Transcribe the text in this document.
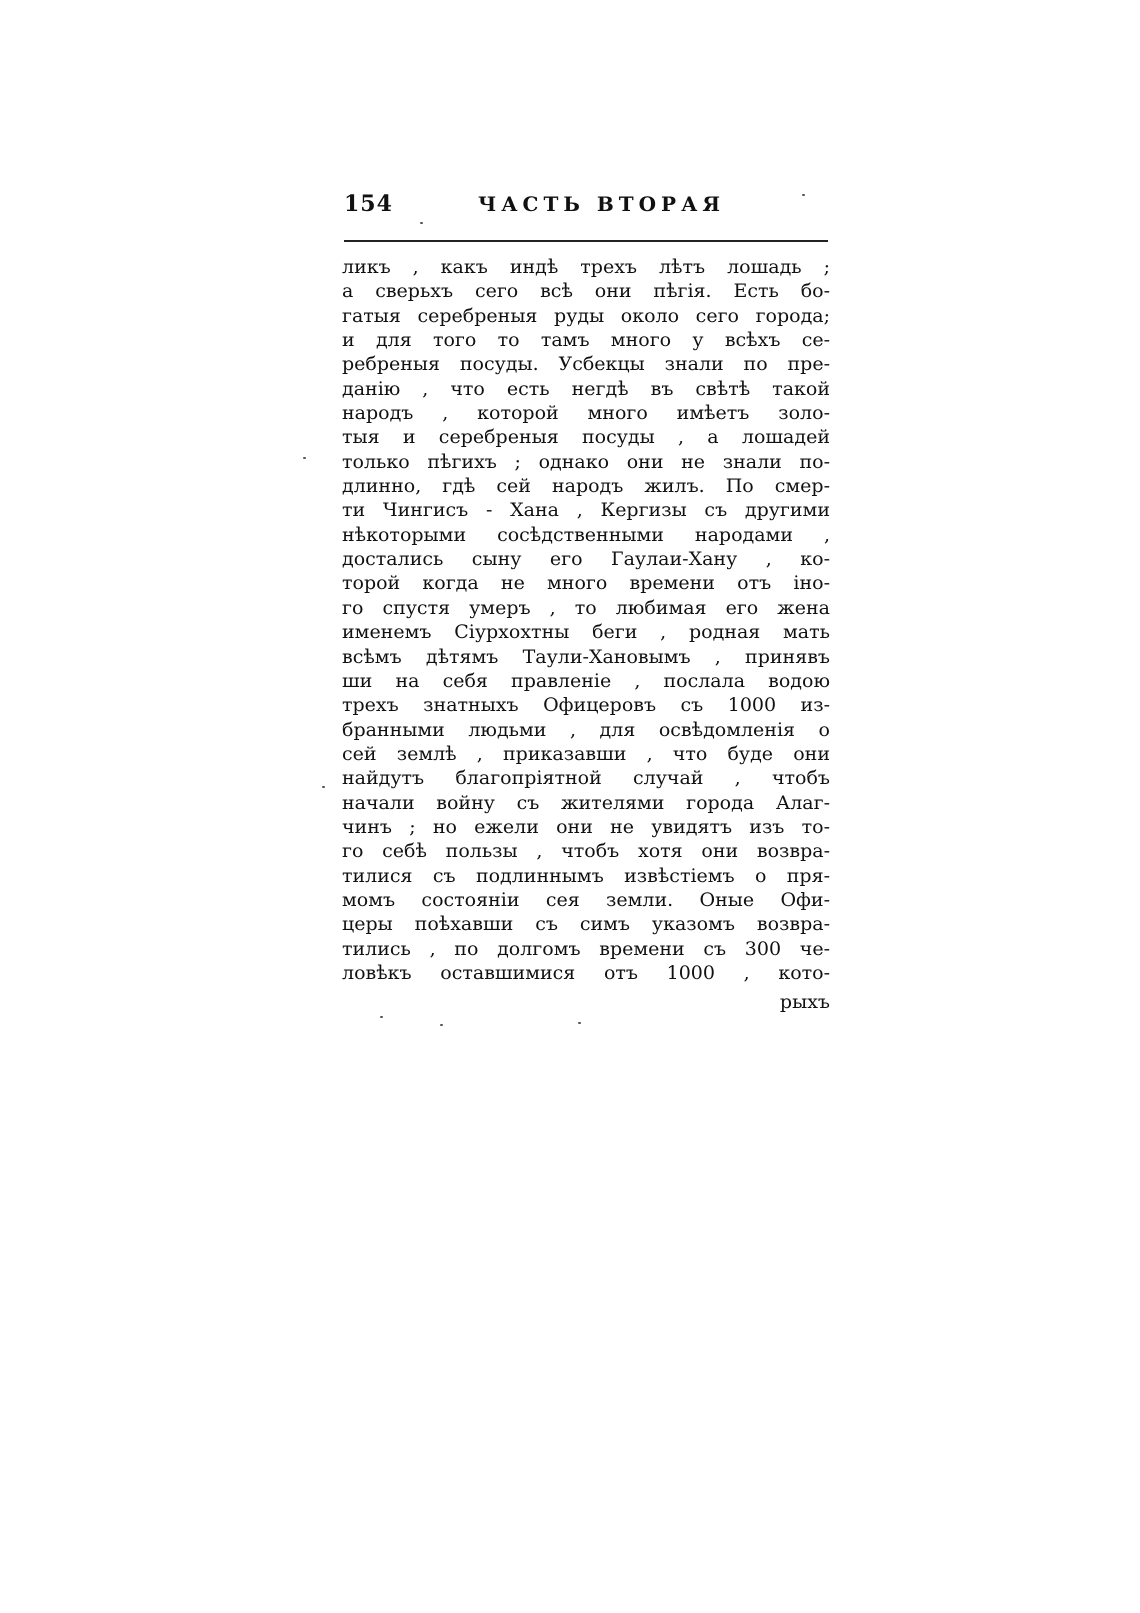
154	ЧАСТЬ ВТОРАЯ
ликъ , какъ индѣ трехъ лѣтъ лошадь ;
а сверьхъ сего всѣ они пѣгiя. Есть бо-
гатыя серебреныя руды около сего города;
и для того то тамъ много у всѣхъ се-
ребреныя посуды. Усбекцы знали по пре-
данiю , что есть негдѣ въ свѣтѣ такой
народъ , которой много имѣетъ золо-
тыя и серебреныя посуды , а лошадей
только пѣгихъ ; однако они не знали по-
длинно, гдѣ сей народъ жилъ. По смер-
ти Чингисъ - Хана , Кергизы съ другими
нѣкоторыми сосѣдственными народами ,
достались сыну его Гаулаи-Хану , ко-
торой когда не много времени отъ iно-
го спустя умеръ , то любимая его жена
именемъ Сiурхохтны беги , родная мать
всѣмъ дѣтямъ Таули-Хановымъ , принявъ
ши на себя правленiе , послала водою
трехъ знатныхъ Офицеровъ съ 1000 из-
бранными людьми , для освѣдомленiя о
сей землѣ , приказавши , что буде они
найдутъ благопрiятной случай , чтобъ
начали войну съ жителями города Алаг-
чинъ ; но ежели они не увидятъ изъ то-
го себѣ пользы , чтобъ хотя они возвра-
тилися съ подлиннымъ извѣстiемъ о пря-
момъ состоянiи сея земли. Оные Офи-
церы поѣхавши съ симъ указомъ возвра-
тились , по долгомъ времени съ 300 че-
ловѣкъ оставшимися отъ 1000 , кото-
рыхъ
